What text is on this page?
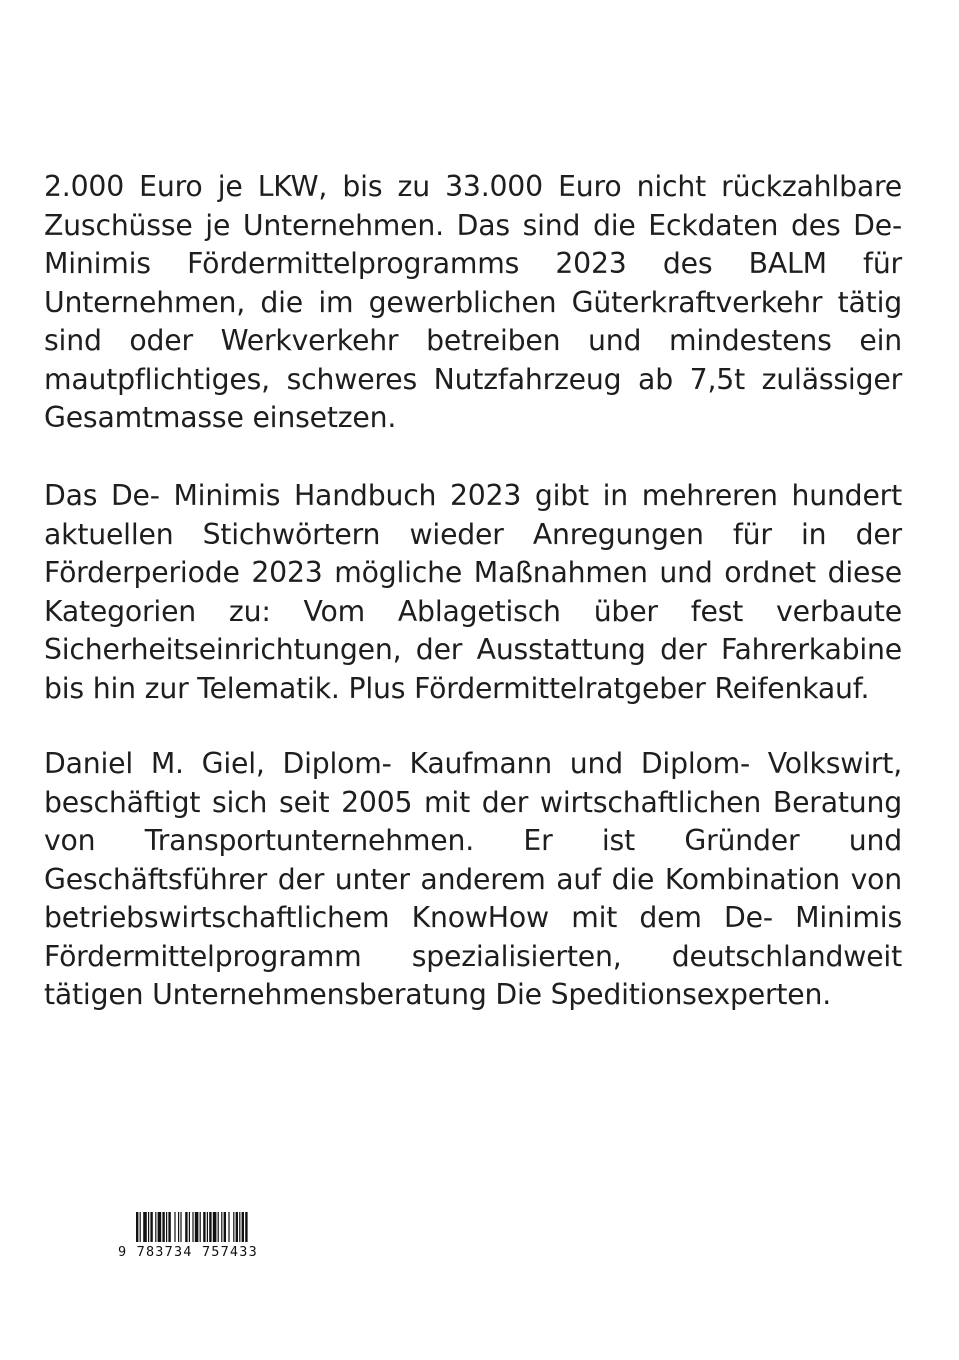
2.000 Euro je LKW, bis zu 33.000 Euro nicht rückzahlbare Zuschüsse je Unternehmen. Das sind die Eckdaten des De-Minimis Fördermittelprogramms 2023 des BALM für Unternehmen, die im gewerblichen Güterkraftverkehr tätig sind oder Werkverkehr betreiben und mindestens ein mautpflichtiges, schweres Nutzfahrzeug ab 7,5t zulässiger Gesamtmasse einsetzen.

Das De- Minimis Handbuch 2023 gibt in mehreren hundert aktuellen Stichwörtern wieder Anregungen für in der Förderperiode 2023 mögliche Maßnahmen und ordnet diese Kategorien zu: Vom Ablagetisch über fest verbaute Sicherheitseinrichtungen, der Ausstattung der Fahrerkabine bis hin zur Telematik. Plus Fördermittelratgeber Reifenkauf.

Daniel M. Giel, Diplom- Kaufmann und Diplom- Volkswirt, beschäftigt sich seit 2005 mit der wirtschaftlichen Beratung von Transportunternehmen. Er ist Gründer und Geschäftsführer der unter anderem auf die Kombination von betriebswirtschaftlichem KnowHow mit dem De- Minimis Fördermittelprogramm spezialisierten, deutschlandweit tätigen Unternehmensberatung Die Speditionsexperten.

9 783734 757433
